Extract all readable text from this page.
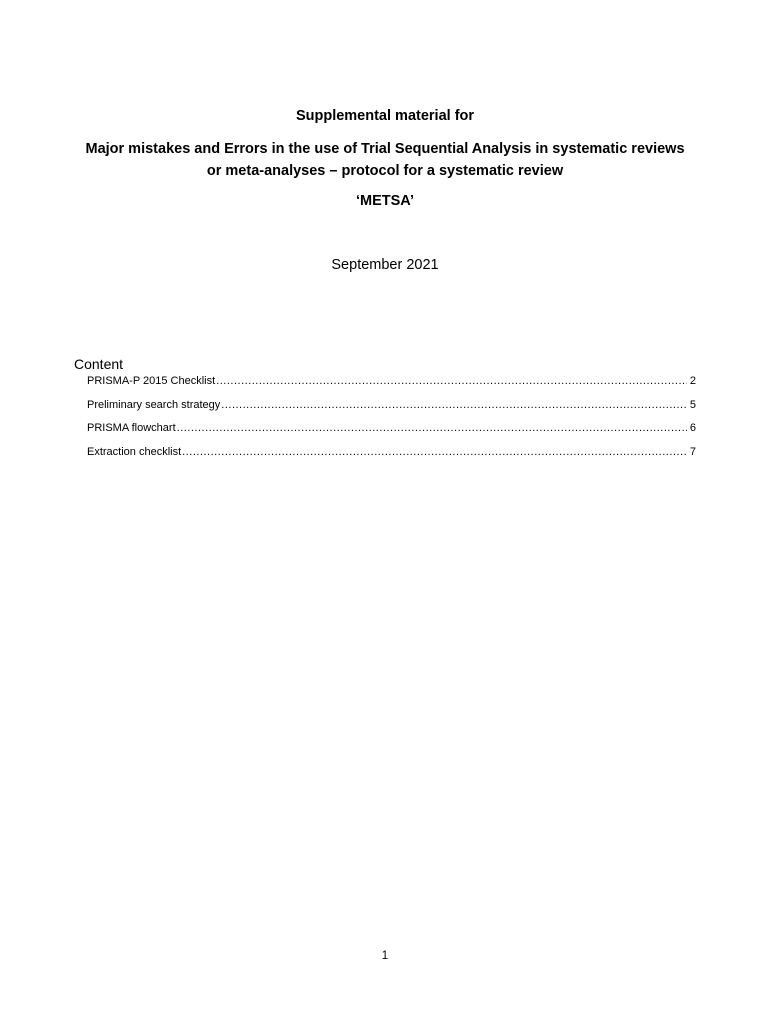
Supplemental material for
Major mistakes and Errors in the use of Trial Sequential Analysis in systematic reviews or meta-analyses – protocol for a systematic review
‘METSA’
September 2021
Content
PRISMA-P 2015 Checklist .....	2
Preliminary search strategy .....	5
PRISMA flowchart .....	6
Extraction checklist .....	7
1
